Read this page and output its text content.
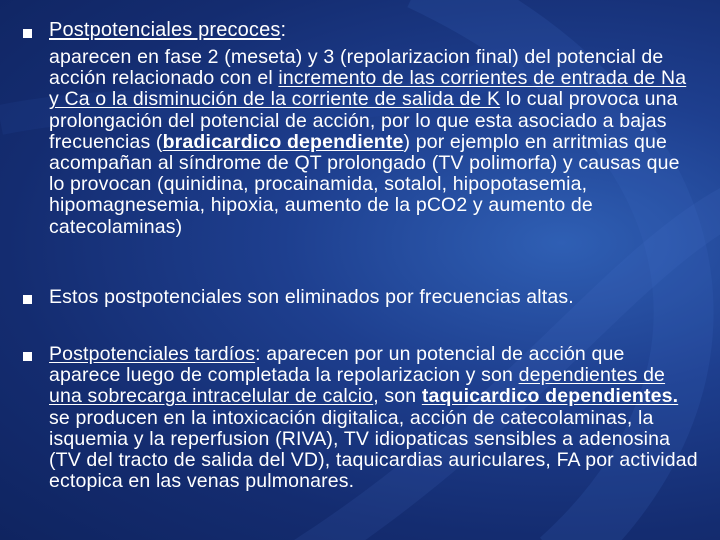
Postpotenciales precoces:

aparecen en fase 2 (meseta) y 3 (repolarizacion final) del potencial de acción relacionado con el incremento de las corrientes de entrada de Na y Ca o la disminución de la corriente de salida de K lo cual provoca una prolongación del potencial de acción, por lo que esta asociado a bajas frecuencias (bradicardico dependiente) por ejemplo en arritmias que acompañan al síndrome de QT prolongado (TV polimorfa) y causas que lo provocan (quinidina, procainamida, sotalol, hipopotasemia, hipomagnesemia, hipoxia, aumento de la pCO2 y aumento de catecolaminas)

Estos postpotenciales son eliminados por frecuencias altas.

Postpotenciales tardíos: aparecen por un potencial de acción que aparece luego de completada la repolarizacion y son dependientes de una sobrecarga intracelular de calcio, son taquicardico dependientes. se producen en la intoxicación digitalica, acción de catecolaminas, la isquemia y la reperfusion (RIVA), TV idiopaticas sensibles a adenosina (TV del tracto de salida del VD), taquicardias auriculares, FA por actividad ectopica en las venas pulmonares.
